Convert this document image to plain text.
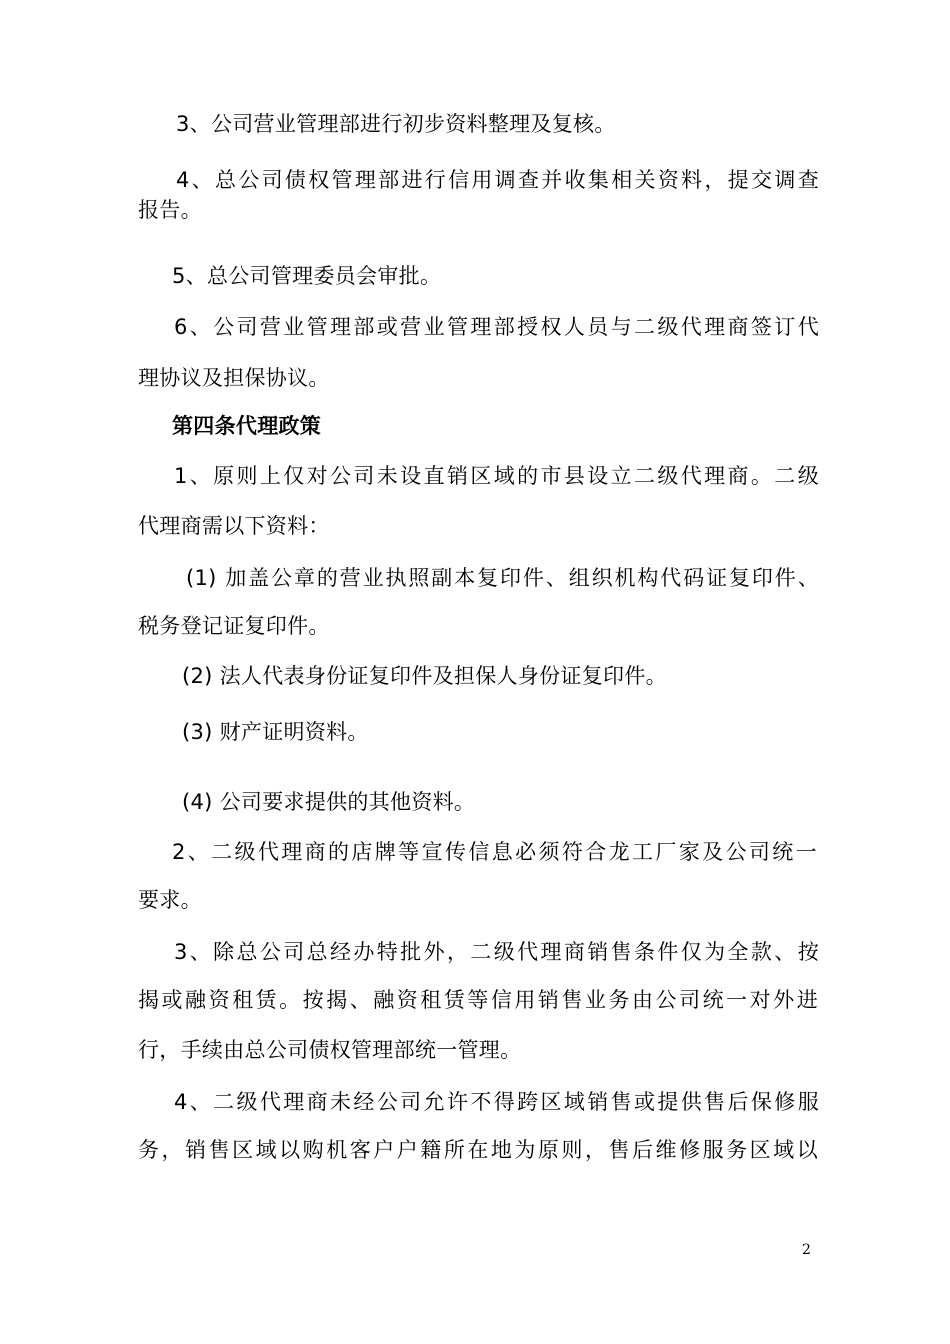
3、公司营业管理部进行初步资料整理及复核。
4、总公司债权管理部进行信用调查并收集相关资料，提交调查
报告。
5、总公司管理委员会审批。
6、公司营业管理部或营业管理部授权人员与二级代理商签订代
理协议及担保协议。
第四条代理政策
1、原则上仅对公司未设直销区域的市县设立二级代理商。二级
代理商需以下资料：
(1) 加盖公章的营业执照副本复印件、组织机构代码证复印件、
税务登记证复印件。
(2) 法人代表身份证复印件及担保人身份证复印件。
(3) 财产证明资料。
(4) 公司要求提供的其他资料。
2、二级代理商的店牌等宣传信息必须符合龙工厂家及公司统一
要求。
3、除总公司总经办特批外，二级代理商销售条件仅为全款、按
揭或融资租赁。按揭、融资租赁等信用销售业务由公司统一对外进
行，手续由总公司债权管理部统一管理。
4、二级代理商未经公司允许不得跨区域销售或提供售后保修服
务，销售区域以购机客户户籍所在地为原则，售后维修服务区域以
2
